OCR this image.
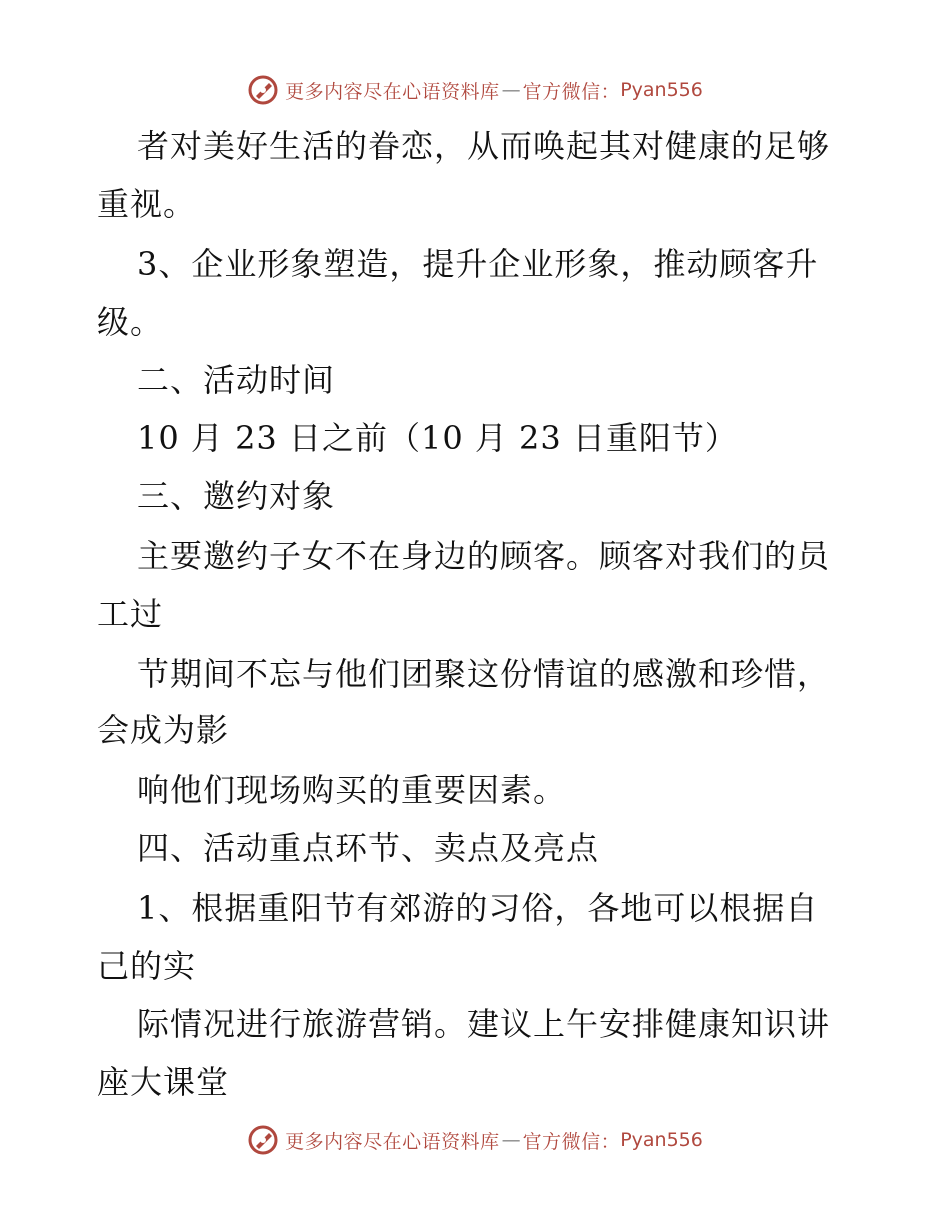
更多内容尽在心语资料库 — 官方微信： Pyan556
者对美好生活的眷恋，从而唤起其对健康的足够
重视。
3、企业形象塑造，提升企业形象，推动顾客升
级。
二、活动时间
10 月 23 日之前（10 月 23 日重阳节）
三、邀约对象
主要邀约子女不在身边的顾客。顾客对我们的员
工过
节期间不忘与他们团聚这份情谊的感激和珍惜，
会成为影
响他们现场购买的重要因素。
四、活动重点环节、卖点及亮点
1、根据重阳节有郊游的习俗，各地可以根据自
己的实
际情况进行旅游营销。建议上午安排健康知识讲
座大课堂
更多内容尽在心语资料库 — 官方微信： Pyan556
